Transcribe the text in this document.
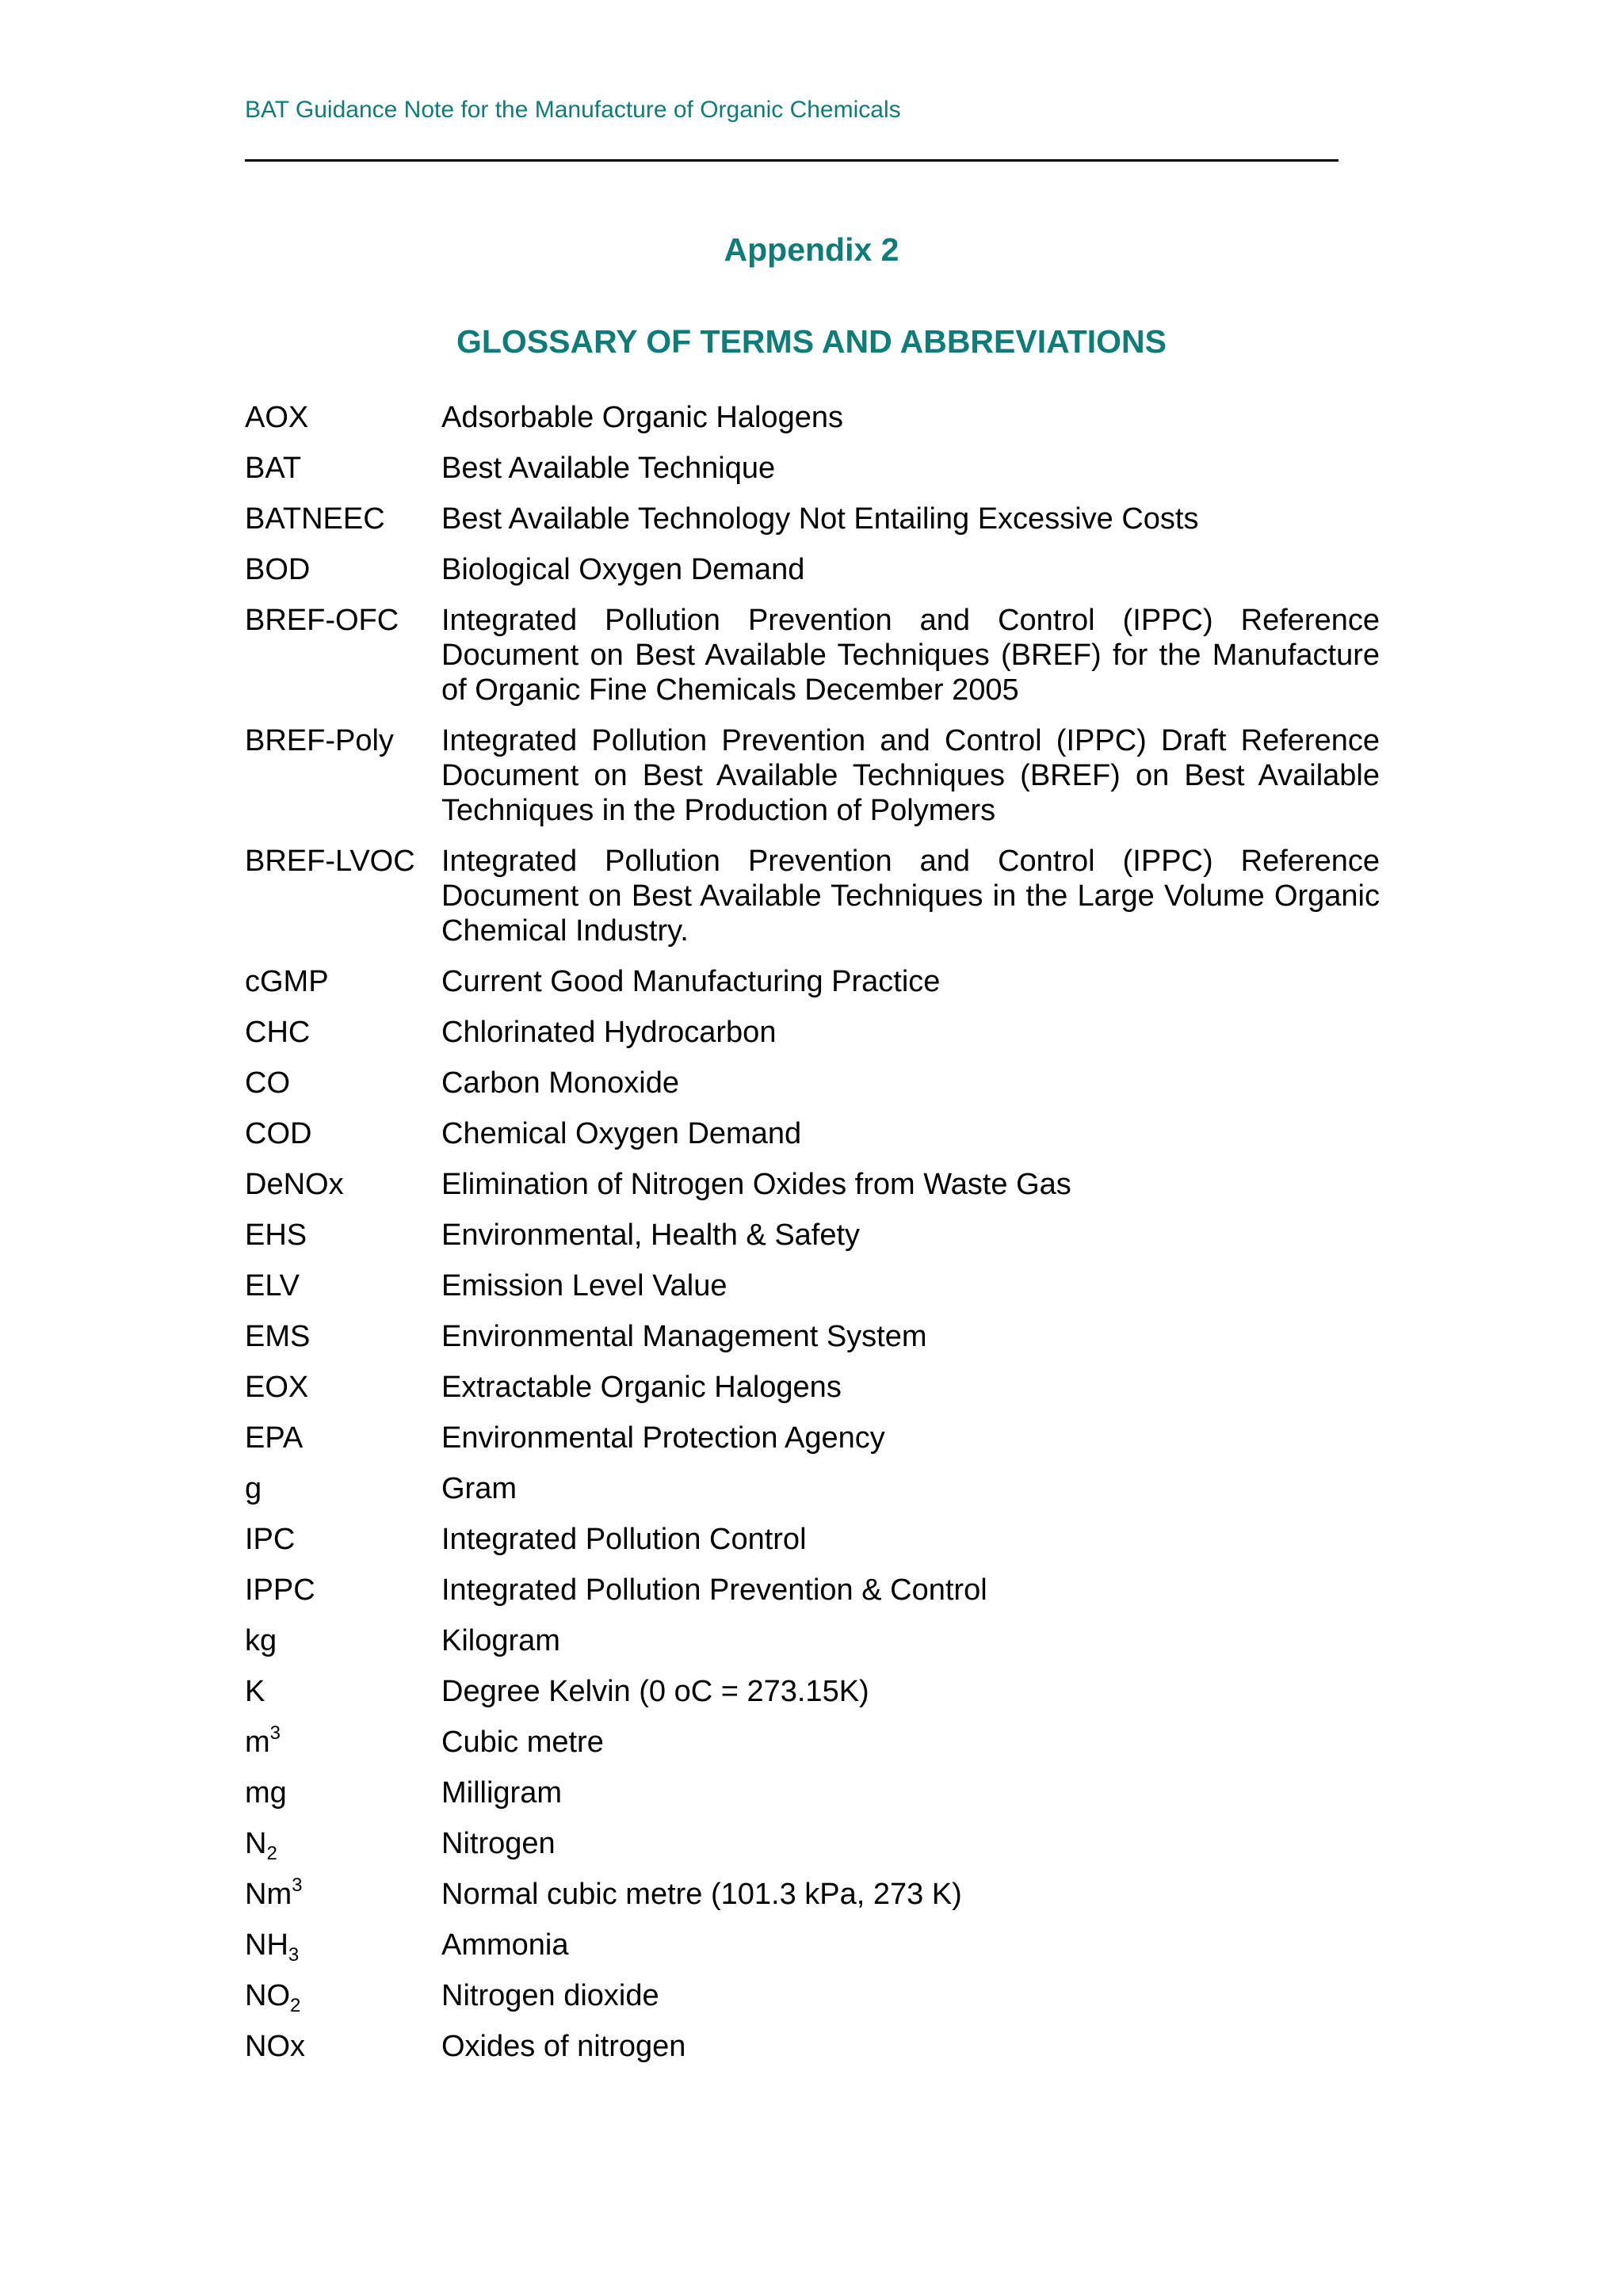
BAT Guidance Note for the Manufacture of Organic Chemicals
Appendix 2
GLOSSARY OF TERMS AND ABBREVIATIONS
AOX	Adsorbable Organic Halogens
BAT	Best Available Technique
BATNEEC	Best Available Technology Not Entailing Excessive Costs
BOD	Biological Oxygen Demand
BREF-OFC	Integrated Pollution Prevention and Control (IPPC) Reference Document on Best Available Techniques (BREF) for the Manufacture of Organic Fine Chemicals December 2005
BREF-Poly	Integrated Pollution Prevention and Control (IPPC) Draft Reference Document on Best Available Techniques (BREF) on Best Available Techniques in the Production of Polymers
BREF-LVOC Integrated Pollution Prevention and Control (IPPC) Reference Document on Best Available Techniques in the Large Volume Organic Chemical Industry.
cGMP	Current Good Manufacturing Practice
CHC	Chlorinated Hydrocarbon
CO	Carbon Monoxide
COD	Chemical Oxygen Demand
DeNOx	Elimination of Nitrogen Oxides from Waste Gas
EHS	Environmental, Health & Safety
ELV	Emission Level Value
EMS	Environmental Management System
EOX	Extractable Organic Halogens
EPA	Environmental Protection Agency
g	Gram
IPC	Integrated Pollution Control
IPPC	Integrated Pollution Prevention & Control
kg	Kilogram
K	Degree Kelvin (0 oC = 273.15K)
$m^3$	Cubic metre
mg	Milligram
$N_2$	Nitrogen
Nm$^3$	Normal cubic metre (101.3 kPa, 273 K)
$NH_3$	Ammonia
$NO_2$	Nitrogen dioxide
NOx	Oxides of nitrogen
